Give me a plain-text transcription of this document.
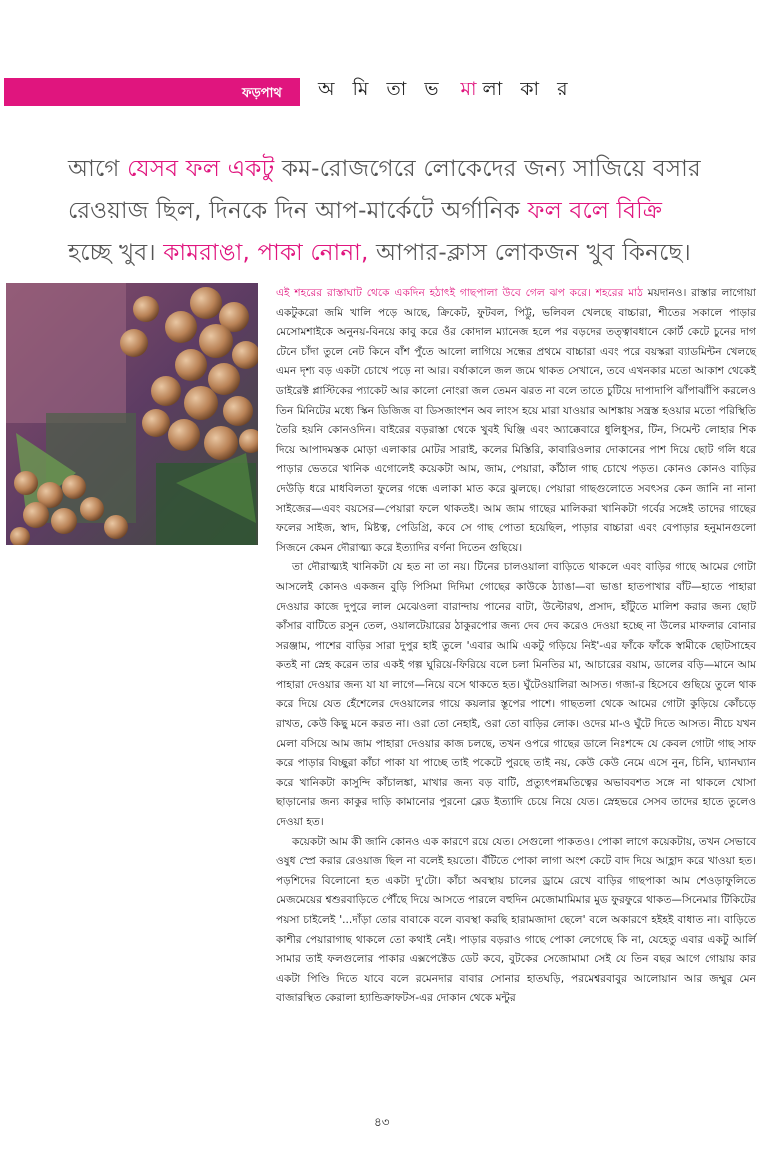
ফড়পাথ অ মি তা ভ মালা কা র
আগে যেসব ফল একটু কম-রোজগেরে লোকেদের জন্য সাজিয়ে বসার রেওয়াজ ছিল, দিনকে দিন আপ-মার্কেটে অর্গানিক ফল বলে বিক্রি হচ্ছে খুব। কামরাঙা, পাকা নোনা, আপার-ক্লাস লোকজন খুব কিনছে।

এই শহরের রাস্তাঘাট থেকে একদিন হঠাৎই গাছপালা উবে গেল ঝপ করে। শহরের মাঠ ময়দানও। রাস্তার লাগোয়া একটুকরো জমি খালি পড়ে আছে, ক্রিকেট, ফুটবল, পিট্টু, ভলিবল খেলছে বাচ্চারা, শীতের সকালে পাড়ার মেসোমশাইকে অনুনয়-বিনয়ে কাবু করে ওঁর কোদাল ম্যানেজ হলে পর বড়দের তত্ত্বাবধানে কোর্ট কেটে চুনের দাগ টেনে চাঁদা তুলে নেট কিনে বাঁশ পুঁতে আলো লাগিয়ে সন্ধের প্রথমে বাচ্চারা এবং পরে বয়স্করা ব্যাডমিন্টন খেলছে এমন দৃশ্য বড় একটা চোখে পড়ে না আর। বর্ষাকালে জল জমে থাকত সেখানে, তবে এখনকার মতো আকাশ থেকেই ডাইরেক্ট প্লাস্টিকের প্যাকেট আর কালো নোংরা জল তেমন ঝরত না বলে তাতে চুটিয়ে দাপাদাপি ঝাঁপাঝাঁপি করলেও তিন মিনিটের মধ্যে স্কিন ডিজিজ বা ডিসজাংশন অব লাংস হয়ে মারা যাওয়ার আশঙ্কায় সন্ত্রস্ত হওয়ার মতো পরিস্থিতি তৈরি হয়নি কোনওদিন। বাইরের বড়রাস্তা থেকে খুবই ঘিঞ্জি এবং অ্যাক্কেবারে ধুলিধুসর, টিন, সিমেন্ট লোহার শিক দিয়ে আপাদমস্তক মোড়া এলাকার মোটর সারাই, কলের মিস্তিরি, কাবারিওলার দোকানের পাশ দিয়ে ছোট গলি ধরে পাড়ার ভেতরে খানিক এগোলেই কয়েকটা আম, জাম, পেয়ারা, কাঁঠাল গাছ চোখে পড়ত। কোনও কোনও বাড়ির দেউড়ি ধরে মাধবিলতা ফুলের গন্ধে এলাকা মাত করে ঝুলছে। পেয়ারা গাছগুলোতে সবৎসর কেন জানি না নানা সাইজের—এবং বয়সের—পেয়ারা ফলে থাকতই। আম জাম গাছের মালিকরা খানিকটা গর্বের সঙ্গেই তাদের গাছের ফলের সাইজ, স্বাদ, মিষ্টত্ব, পেডিগ্রি, কবে সে গাছ পোতা হয়েছিল, পাড়ার বাচ্চারা এবং বেপাড়ার হনুমানগুলো সিজনে কেমন দৌরাত্ম্য করে ইত্যাদির বর্ণনা দিতেন গুছিয়ে।

তা দৌরাত্ম্যই খানিকটা যে হত না তা নয়। টিনের চালওয়ালা বাড়িতে থাকলে এবং বাড়ির গাছে আমের গোটা আসলেই কোনও একজন বুড়ি পিসিমা দিদিমা গোছের কাউকে ঠ্যাঙা—বা ভাঙা হাতপাখার বাঁট—হাতে পাহারা দেওয়ার কাজে দুপুরে লাল মেঝেওলা বারান্দায় পানের বাটা, উল্টোরথ, প্রসাদ, হাঁটুতে মালিশ করার জন্য ছোট কাঁসার বাটিতে রসুন তেল, ওয়ালটেয়ারের ঠাকুরপোর জন্য দেব দেব করেও দেওয়া হচ্ছে না উলের মাফলার বোনার সরঞ্জাম, পাশের বাড়ির সারা দুপুর হাই তুলে 'এবার আমি একটু গড়িয়ে নিই'-এর ফাঁকে ফাঁকে স্বামীকে ছোটসাহেব কতই না স্নেহ করেন তার একই গল্প ঘুরিয়ে-ফিরিয়ে বলে চলা মিনতির মা, আচারের বয়াম, ডালের বড়ি—মানে আম পাহারা দেওয়ার জন্য যা যা লাগে—নিয়ে বসে থাকতে হত। ঘুঁটেওয়ালিরা আসত। গজা-র হিসেবে গুছিয়ে তুলে থাক করে দিয়ে যেত হেঁশেলের দেওয়ালের গায়ে কয়লার স্তূপের পাশে। গাছতলা থেকে আমের গোটা কুড়িয়ে কোঁচড়ে রাখত, কেউ কিছু মনে করত না। ওরা তো নেহাই, ওরা তো বাড়ির লোক। ওদের মা-ও ঘুঁটে দিতে আসত। নীচে যখন মেলা বসিয়ে আম জাম পাহারা দেওয়ার কাজ চলছে, তখন ওপরে গাছের ডালে নিঃশব্দে যে কেবল গোটা গাছ সাফ করে পাড়ার বিচ্ছুরা কাঁচা পাকা যা পাচ্ছে তাই পকেটে পুরছে তাই নয়, কেউ কেউ নেমে এসে নুন, চিনি, ঘ্যানঘ্যান করে খানিকটা কাসুন্দি কাঁচালঙ্কা, মাখার জন্য বড় বাটি, প্রত্যুৎপন্নমতিত্বের অভাববশত সঙ্গে না থাকলে খোসা ছাড়ানোর জন্য কাকুর দাড়ি কামানোর পুরনো ব্লেড ইত্যাদি চেয়ে নিয়ে যেত। স্নেহভরে সেসব তাদের হাতে তুলেও দেওয়া হত।

কয়েকটা আম কী জানি কোনও এক কারণে রয়ে যেত। সেগুলো পাকতও। পোকা লাগে কয়েকটায়, তখন সেভাবে ওষুধ স্প্রে করার রেওয়াজ ছিল না বলেই হয়তো। বঁটিতে পোকা লাগা অংশ কেটে বাদ দিয়ে আহ্লাদ করে খাওয়া হত। পড়শিদের বিলোনো হত একটা দু'টো। কাঁচা অবস্থায় চালের ড্রামে রেখে বাড়ির গাছপাকা আম শেওড়াফুলিতে মেজমেয়ের শ্বশুরবাড়িতে পৌঁছে দিয়ে আসতে পারলে বহুদিন মেজোমামিমার মুড ফুরফুরে থাকত—সিনেমার টিকিটের পয়সা চাইলেই '...দাঁড়া তোর বাবাকে বলে ব্যবস্থা করছি হারামজাদা ছেলে' বলে অকারণে হইহই বাধাত না। বাড়িতে কাশীর পেয়ারাগাছ থাকলে তো কথাই নেই। পাড়ার বড়রাও গাছে পোকা লেগেছে কি না, যেহেতু এবার একটু আর্লি সামার তাই ফলগুলোর পাকার এক্সপেক্টেড ডেট কবে, বুটকের সেজোমামা সেই যে তিন বছর আগে গোয়ায় কার একটা পিণ্ডি দিতে যাবে বলে রমেনদার বাবার সোনার হাতঘড়ি, পরমেশ্বরবাবুর আলোয়ান আর জম্মুর মেন বাজারস্থিত কেরালা হ্যান্ডিক্রাফটস-এর দোকান থেকে মন্টুর

৪৩
